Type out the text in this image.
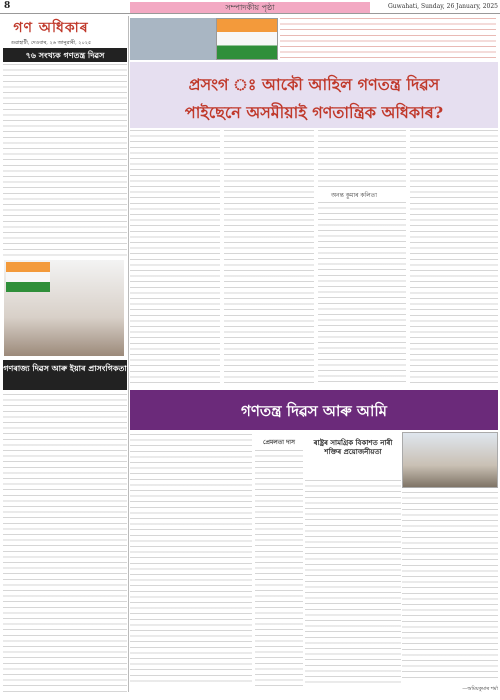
8	সম্পাদকীয় পৃষ্ঠা	Guwahati, Sunday, 26 January, 2025
গণ অধিকাৰ
গুৱাহাটী, দেওবাৰ, ২৬ জানুৱাৰী, ২০২৫
৭৬ সংখ্যক গণতন্ত্ৰ দিৱস
গণৰাজ্য দিৱস আৰু ইয়াৰ প্ৰাসংগিকতা
প্ৰসংগ ঃ আকৌ আহিল গণতন্ত্ৰ দিৱস
পাইছেনে অসমীয়াই গণতান্ত্ৰিক অধিকাৰ?
অনন্ত কুমাৰ কলিতা
গণতন্ত্ৰ দিৱস আৰু আমি
প্ৰেমলতা দাস	ৰাষ্ট্ৰৰ সামগ্ৰিক বিকাশত নাৰী শক্তিৰ প্ৰয়োজনীয়তা
—অমিয়কুমাৰ শৰ্মা
